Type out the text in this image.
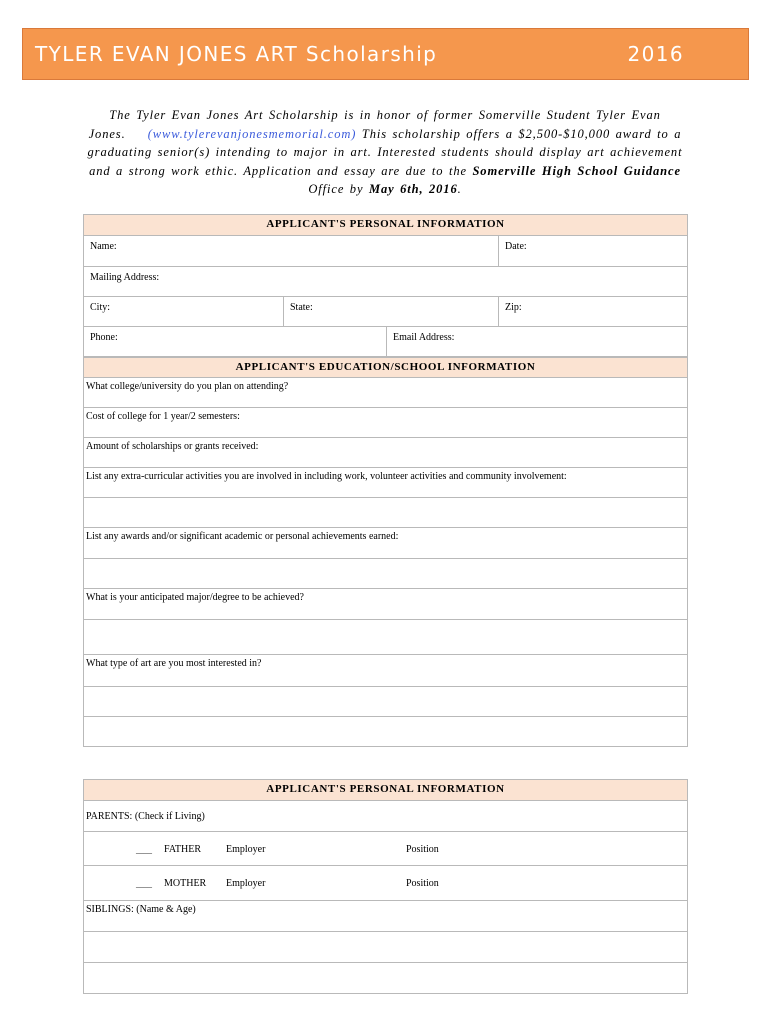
TYLER EVAN JONES ART Scholarship	2016

The Tyler Evan Jones Art Scholarship is in honor of former Somerville Student Tyler Evan Jones. (www.tylerevanjonesmemorial.com) This scholarship offers a $2,500-$10,000 award to a graduating senior(s) intending to major in art. Interested students should display art achievement and a strong work ethic. Application and essay are due to the Somerville High School Guidance Office by May 6th, 2016.

APPLICANT'S PERSONAL INFORMATION			
Name:			Date:
Mailing Address:			
City:	State:		Zip:
Phone:		Email Address:	
APPLICANT'S EDUCATION/SCHOOL INFORMATION
What college/university do you plan on attending?
Cost of college for 1 year/2 semesters:
Amount of scholarships or grants received:
List any extra-curricular activities you are involved in including work, volunteer activities and community involvement:

List any awards and/or significant academic or personal achievements earned:

What is your anticipated major/degree to be achieved?

What type of art are you most interested in?

APPLICANT'S PERSONAL INFORMATION
PARENTS: (Check if Living)

____	FATHER	Employer	Position

____	MOTHER	Employer	Position

SIBLINGS: (Name & Age)
